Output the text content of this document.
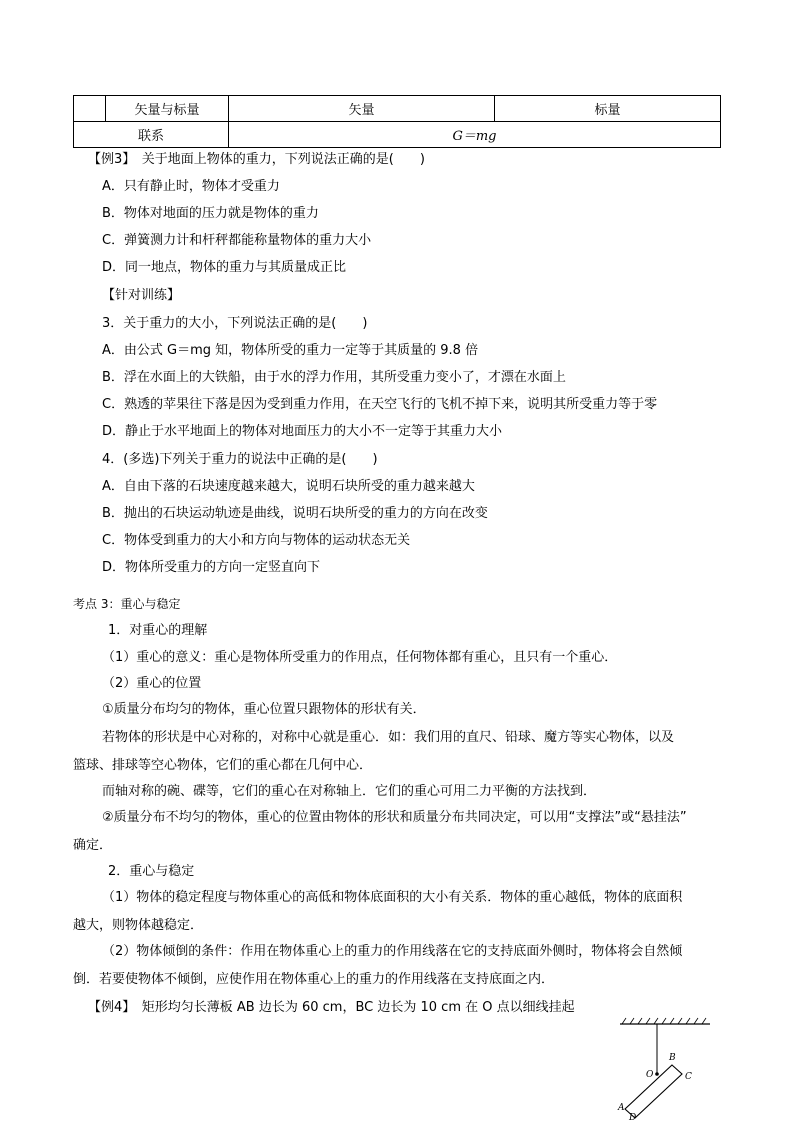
	矢量与标量	矢量	标量
联系		G＝mg	
【例3】　关于地面上物体的重力，下列说法正确的是(　　)
A．只有静止时，物体才受重力
B．物体对地面的压力就是物体的重力
C．弹簧测力计和杆秤都能称量物体的重力大小
D．同一地点，物体的重力与其质量成正比
【针对训练】
3．关于重力的大小，下列说法正确的是(　　)
A．由公式 G＝mg 知，物体所受的重力一定等于其质量的 9.8 倍
B．浮在水面上的大铁船，由于水的浮力作用，其所受重力变小了，才漂在水面上
C．熟透的苹果往下落是因为受到重力作用，在天空飞行的飞机不掉下来，说明其所受重力等于零
D．静止于水平地面上的物体对地面压力的大小不一定等于其重力大小
4．(多选)下列关于重力的说法中正确的是(　　)
A．自由下落的石块速度越来越大，说明石块所受的重力越来越大
B．抛出的石块运动轨迹是曲线，说明石块所受的重力的方向在改变
C．物体受到重力的大小和方向与物体的运动状态无关
D．物体所受重力的方向一定竖直向下
考点 3：重心与稳定
1．对重心的理解
（1）重心的意义：重心是物体所受重力的作用点，任何物体都有重心，且只有一个重心．
（2）重心的位置
①质量分布均匀的物体，重心位置只跟物体的形状有关．
若物体的形状是中心对称的，对称中心就是重心．如：我们用的直尺、铅球、魔方等实心物体，以及
篮球、排球等空心物体，它们的重心都在几何中心．
而轴对称的碗、碟等，它们的重心在对称轴上．它们的重心可用二力平衡的方法找到．
②质量分布不均匀的物体，重心的位置由物体的形状和质量分布共同决定，可以用“支撑法”或“悬挂法”
确定．
2．重心与稳定
（1）物体的稳定程度与物体重心的高低和物体底面积的大小有关系．物体的重心越低，物体的底面积
越大，则物体越稳定．
（2）物体倾倒的条件：作用在物体重心上的重力的作用线落在它的支持底面外侧时，物体将会自然倾
倒．若要使物体不倾倒，应使作用在物体重心上的重力的作用线落在支持底面之内．
【例4】　矩形均匀长薄板 AB 边长为 60 cm，BC 边长为 10 cm 在 O 点以细线挂起
B
O	C
A
D
